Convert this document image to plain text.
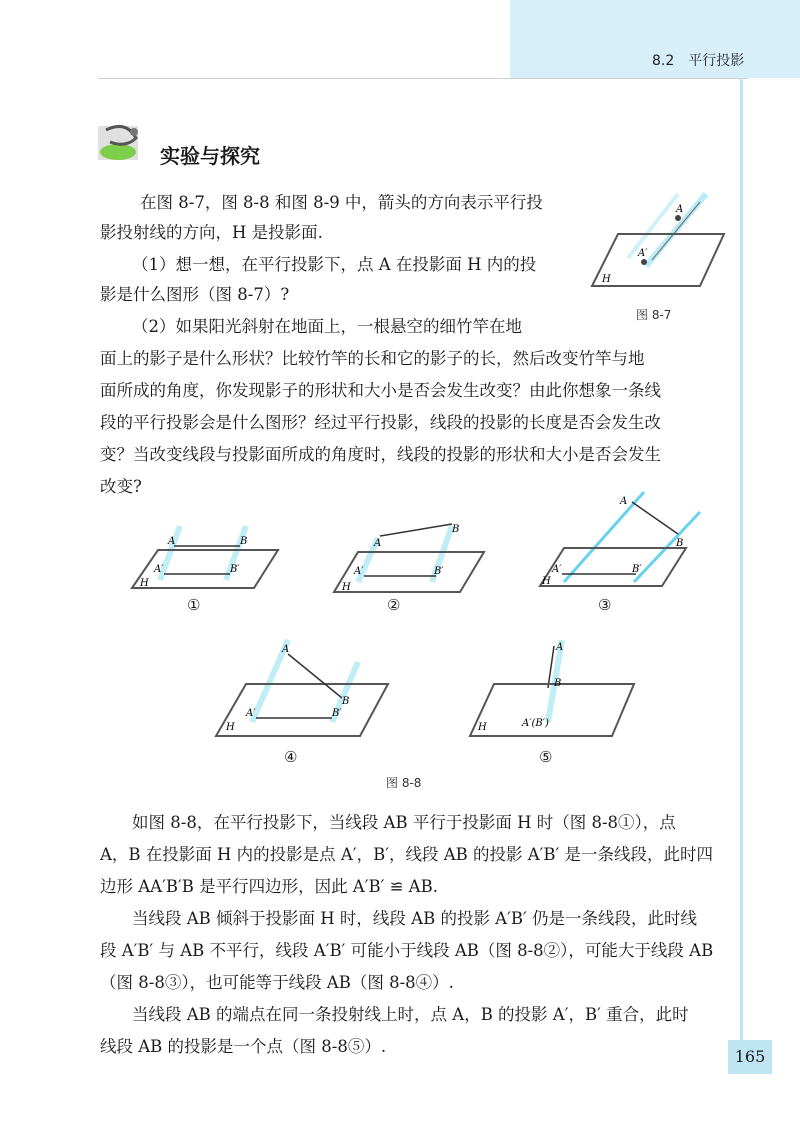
8.2　平行投影
实验与探究

在图 8-7，图 8-8 和图 8-9 中，箭头的方向表示平行投

影投射线的方向，H 是投影面.

（1）想一想，在平行投影下，点 A 在投影面 H 内的投

影是什么图形（图 8-7）?

（2）如果阳光斜射在地面上，一根悬空的细竹竿在地

面上的影子是什么形状？比较竹竿的长和它的影子的长，然后改变竹竿与地

面所成的角度，你发现影子的形状和大小是否会发生改变？由此你想象一条线

段的平行投影会是什么图形？经过平行投影，线段的投影的长度是否会发生改

变？当改变线段与投影面所成的角度时，线段的投影的形状和大小是否会发生

改变?

A
A′
H
图 8-7
A	B
A′	B′
H
①
A
B
A′	B′
H
②
A
B
A′	B′
H
③
A
B
A′	B′
H
④
A
B
A′(B′)
H
⑤
图 8-8

如图 8-8，在平行投影下，当线段 AB 平行于投影面 H 时（图 8-8①），点

A，B 在投影面 H 内的投影是点 A′，B′，线段 AB 的投影 A′B′ 是一条线段，此时四

边形 AA′B′B 是平行四边形，因此 A′B′ ≌ AB.

当线段 AB 倾斜于投影面 H 时，线段 AB 的投影 A′B′ 仍是一条线段，此时线

段 A′B′ 与 AB 不平行，线段 A′B′ 可能小于线段 AB（图 8-8②），可能大于线段 AB

（图 8-8③），也可能等于线段 AB（图 8-8④）.

当线段 AB 的端点在同一条投射线上时，点 A，B 的投影 A′，B′ 重合，此时

线段 AB 的投影是一个点（图 8-8⑤）.

165
